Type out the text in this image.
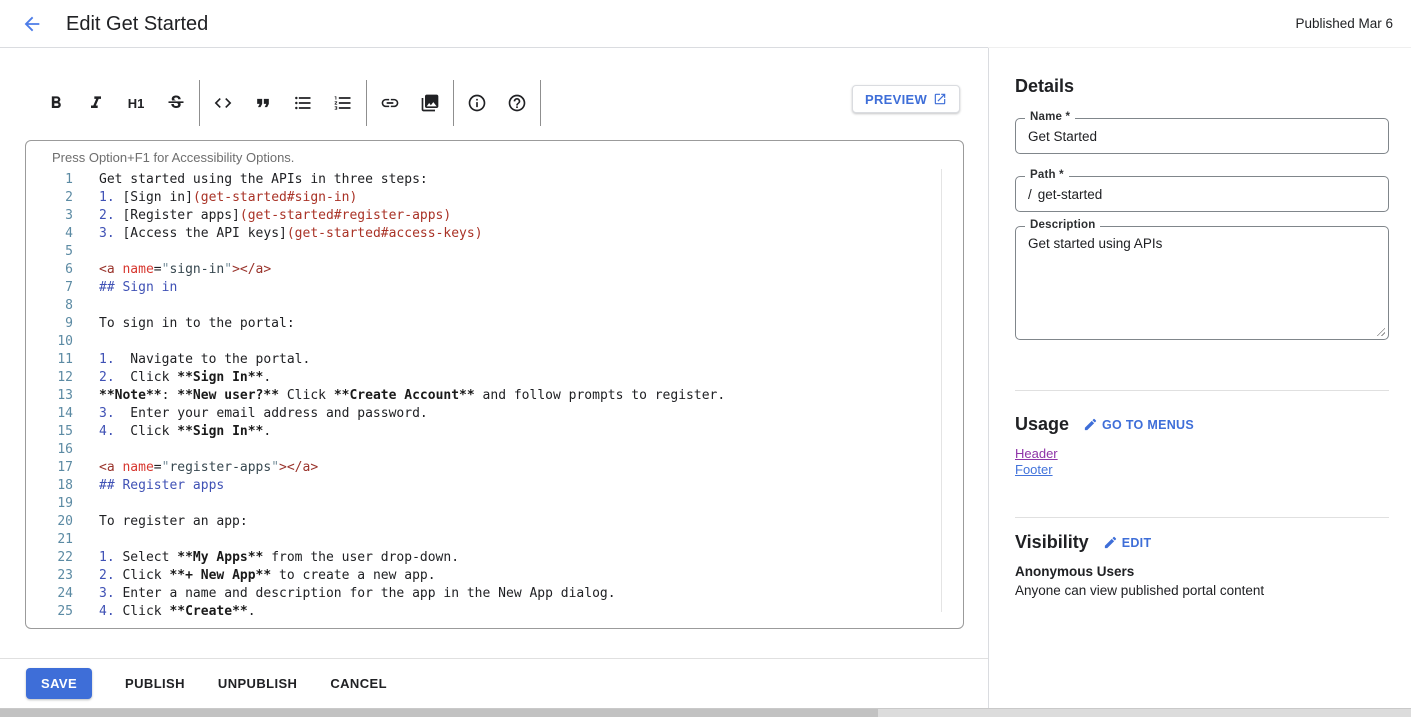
Edit Get Started	Published Mar 6
H1	PREVIEW
Press Option+F1 for Accessibility Options.
1	Get started using the APIs in three steps:
2	1. [Sign in](get-started#sign-in)
3	2. [Register apps](get-started#register-apps)
4	3. [Access the API keys](get-started#access-keys)
5
6	<a name="sign-in"></a>
7	## Sign in
8
9	To sign in to the portal:
10
11	1.  Navigate to the portal.
12	2.  Click **Sign In**.
13	**Note**: **New user?** Click **Create Account** and follow prompts to register.
14	3.  Enter your email address and password.
15	4.  Click **Sign In**.
16
17	<a name="register-apps"></a>
18	## Register apps
19
20	To register an app:
21
22	1. Select **My Apps** from the user drop-down.
23	2. Click **+ New App** to create a new app.
24	3. Enter a name and description for the app in the New App dialog.
25	4. Click **Create**.
SAVE	PUBLISH	UNPUBLISH	CANCEL
Details
Name *
Get Started
Path *
/
get-started
Description
Get started using APIs
Usage	GO TO MENUS
Header
Footer
Visibility	EDIT
Anonymous Users
Anyone can view published portal content
